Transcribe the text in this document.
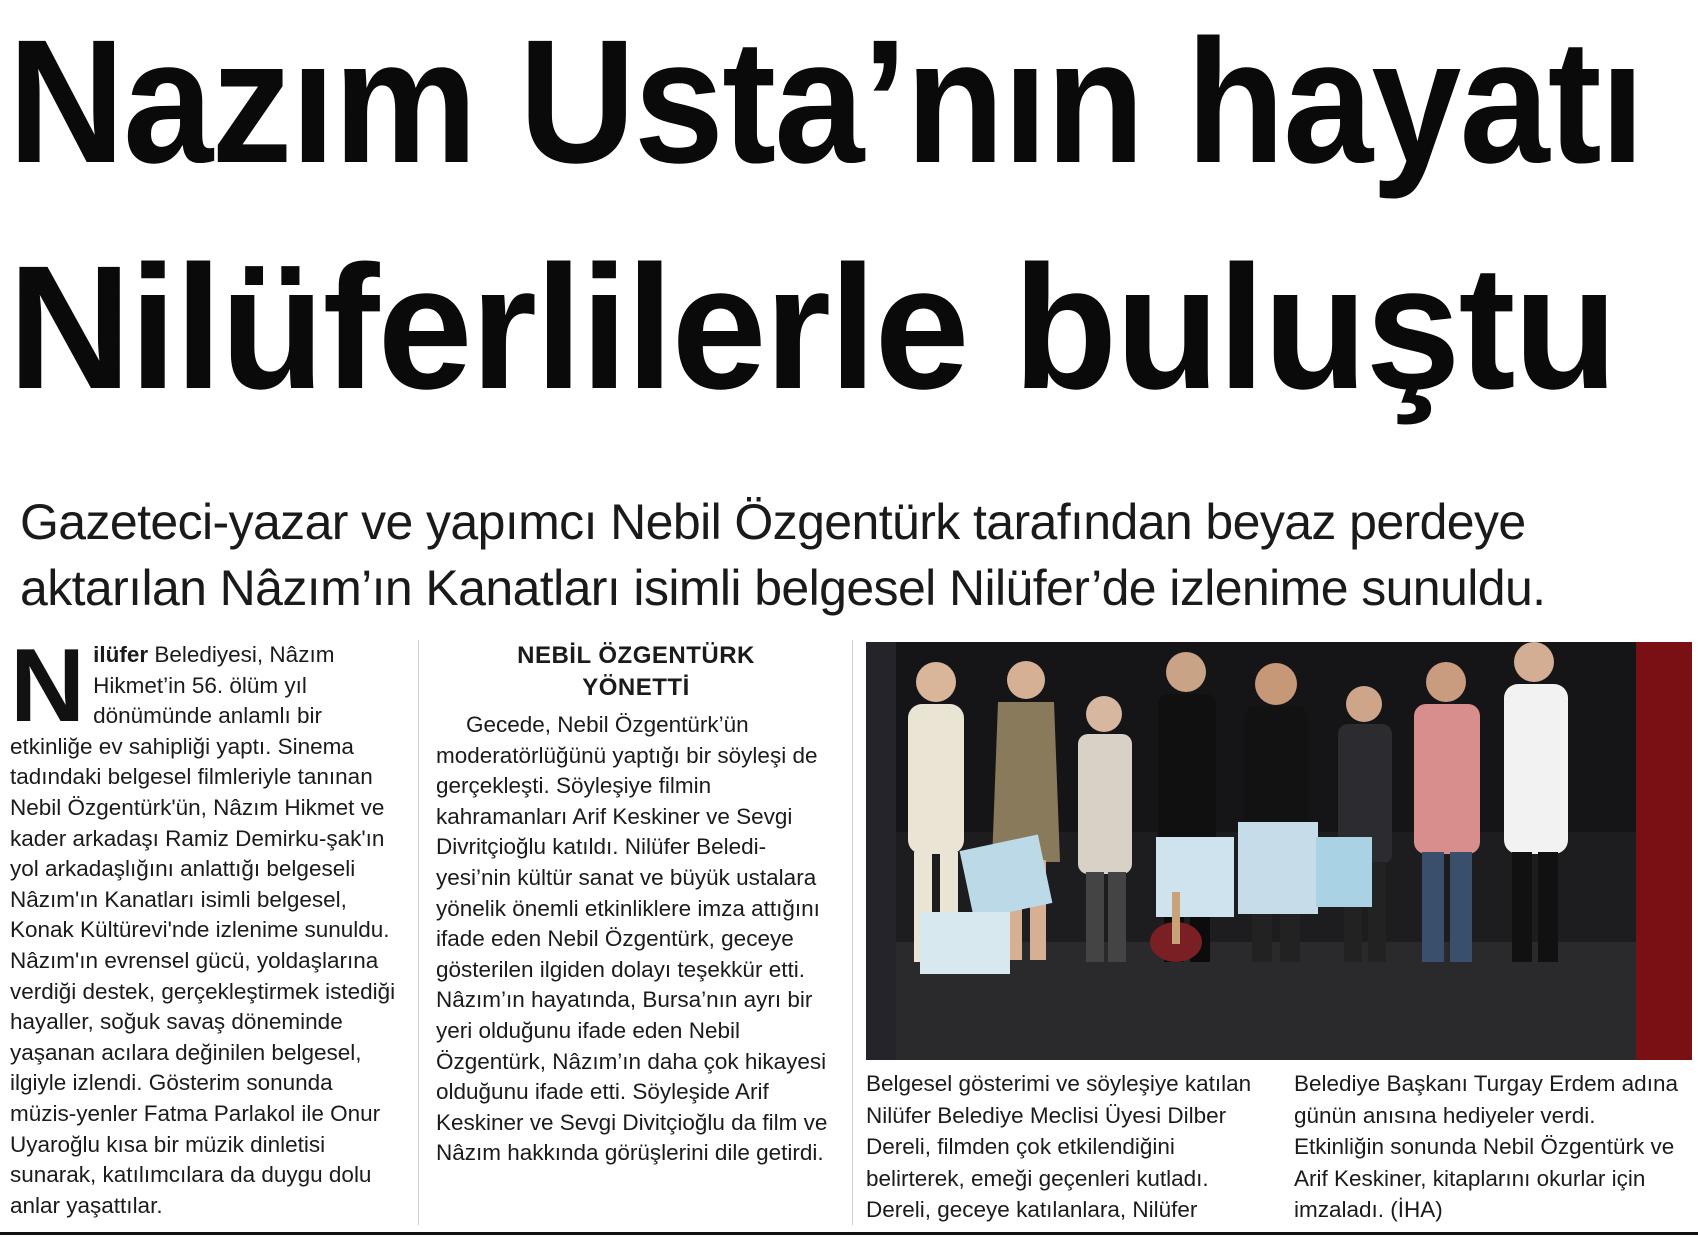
Nazım Usta’nın hayatı
Nilüferlilerle buluştu
Gazeteci-yazar ve yapımcı Nebil Özgentürk tarafından beyaz perdeye
aktarılan Nâzım’ın Kanatları isimli belgesel Nilüfer’de izlenime sunuldu.
N ilüfer Belediyesi, Nâzım Hikmet’in 56. ölüm yıl dönümünde anlamlı bir etkinliğe ev sahipliği yaptı. Sinema tadındaki belgesel filmleriyle tanınan Nebil Özgentürk'ün, Nâzım Hikmet ve kader arkadaşı Ramiz Demirku-şak'ın yol arkadaşlığını anlattığı belgeseli Nâzım'ın Kanatları isimli belgesel, Konak Kültürevi'nde izlenime sunuldu. Nâzım'ın evrensel gücü, yoldaşlarına verdiği destek, gerçekleştirmek istediği hayaller, soğuk savaş döneminde yaşanan acılara değinilen belgesel, ilgiyle izlendi. Gösterim sonunda müzis-yenler Fatma Parlakol ile Onur Uyaroğlu kısa bir müzik dinletisi sunarak, katılımcılara da duygu dolu anlar yaşattılar.

NEBİL ÖZGENTÜRK
YÖNETTİ

Gecede, Nebil Özgentürk’ün moderatörlüğünü yaptığı bir söyleşi de gerçekleşti. Söyleşiye filmin kahramanları Arif Keskiner ve Sevgi Divritçioğlu katıldı. Nilüfer Beledi-yesi’nin kültür sanat ve büyük ustalara yönelik önemli etkinliklere imza attığını ifade eden Nebil Özgentürk, geceye gösterilen ilgiden dolayı teşekkür etti. Nâzım’ın hayatında, Bursa’nın ayrı bir yeri olduğunu ifade eden Nebil Özgentürk, Nâzım’ın daha çok hikayesi olduğunu ifade etti. Söyleşide Arif Keskiner ve Sevgi Divitçioğlu da film ve Nâzım hakkında görüşlerini dile getirdi.

Belgesel gösterimi ve söyleşiye katılan Nilüfer Belediye Meclisi Üyesi Dilber Dereli, filmden çok etkilendiğini belirterek, emeği geçenleri kutladı. Dereli, geceye katılanlara, Nilüfer

Belediye Başkanı Turgay Erdem adına günün anısına hediyeler verdi. Etkinliğin sonunda Nebil Özgentürk ve Arif Keskiner, kitaplarını okurlar için imzaladı. (İHA)
